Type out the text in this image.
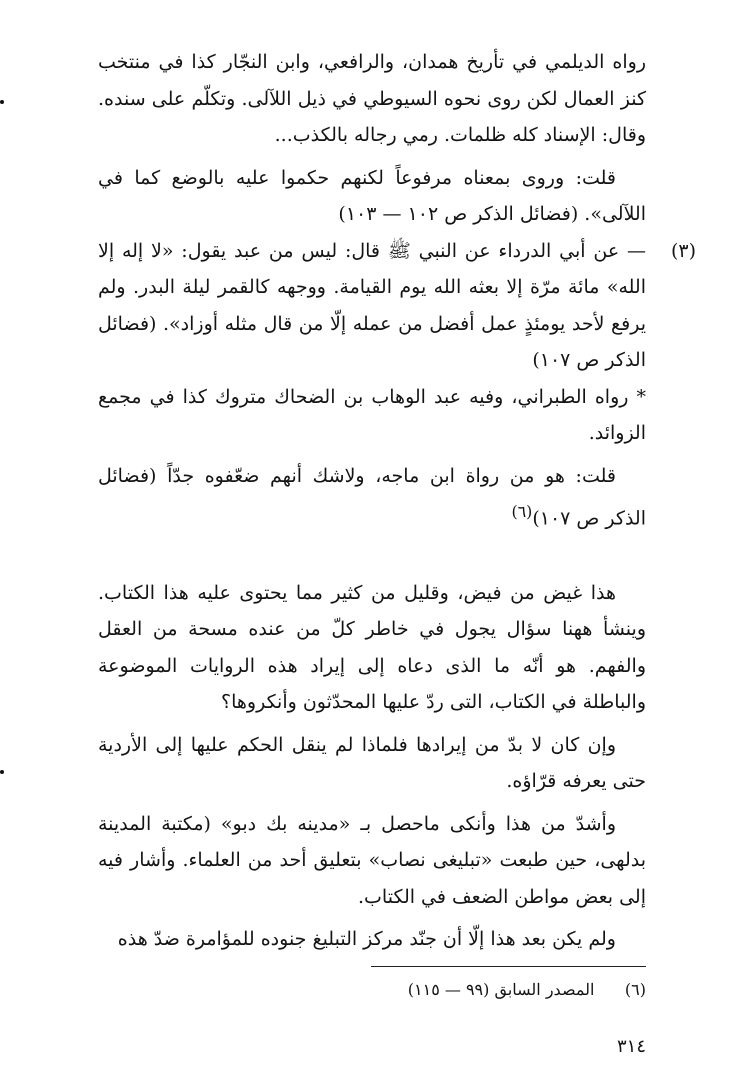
رواه الديلمي في تأريخ همدان، والرافعي، وابن النجّار كذا في منتخب كنز العمال لكن روى نحوه السيوطي في ذيل اللآلى. وتكلّم على سنده. وقال: الإسناد كله ظلمات. رمي رجاله بالكذب...

قلت: وروى بمعناه مرفوعاً لكنهم حكموا عليه بالوضع كما في اللآلى». (فضائل الذكر ص ١٠٢ — ١٠٣)

(٣)

— عن أبي الدرداء عن النبي ﷺ قال: ليس من عبد يقول: «لا إله إلا الله» مائة مرّة إلا بعثه الله يوم القيامة. ووجهه كالقمر ليلة البدر. ولم يرفع لأحد يومئذٍ عمل أفضل من عمله إلّا من قال مثله أوزاد». (فضائل الذكر ص ١٠٧)

* رواه الطبراني، وفيه عبد الوهاب بن الضحاك متروك كذا في مجمع الزوائد.

قلت: هو من رواة ابن ماجه، ولاشك أنهم ضعّفوه جدّاً (فضائل الذكر ص ١٠٧)$^{(٦)}$

هذا غيض من فيض، وقليل من كثير مما يحتوى عليه هذا الكتاب. وينشأ ههنا سؤال يجول في خاطر كلّ من عنده مسحة من العقل والفهم. هو أنّه ما الذى دعاه إلى إيراد هذه الروايات الموضوعة والباطلة في الكتاب، التى ردّ عليها المحدّثون وأنكروها؟

وإن كان لا بدّ من إيرادها فلماذا لم ينقل الحكم عليها إلى الأردية حتى يعرفه قرّاؤه.

وأشدّ من هذا وأنكى ماحصل بـ «مدينه بك دبو» (مكتبة المدينة بدلهى، حين طبعت «تبليغى نصاب» بتعليق أحد من العلماء. وأشار فيه إلى بعض مواطن الضعف في الكتاب.

ولم يكن بعد هذا إلّا أن جنّد مركز التبليغ جنوده للمؤامرة ضدّ هذه

(٦)      المصدر السابق (٩٩ — ١١٥)
٣١٤
